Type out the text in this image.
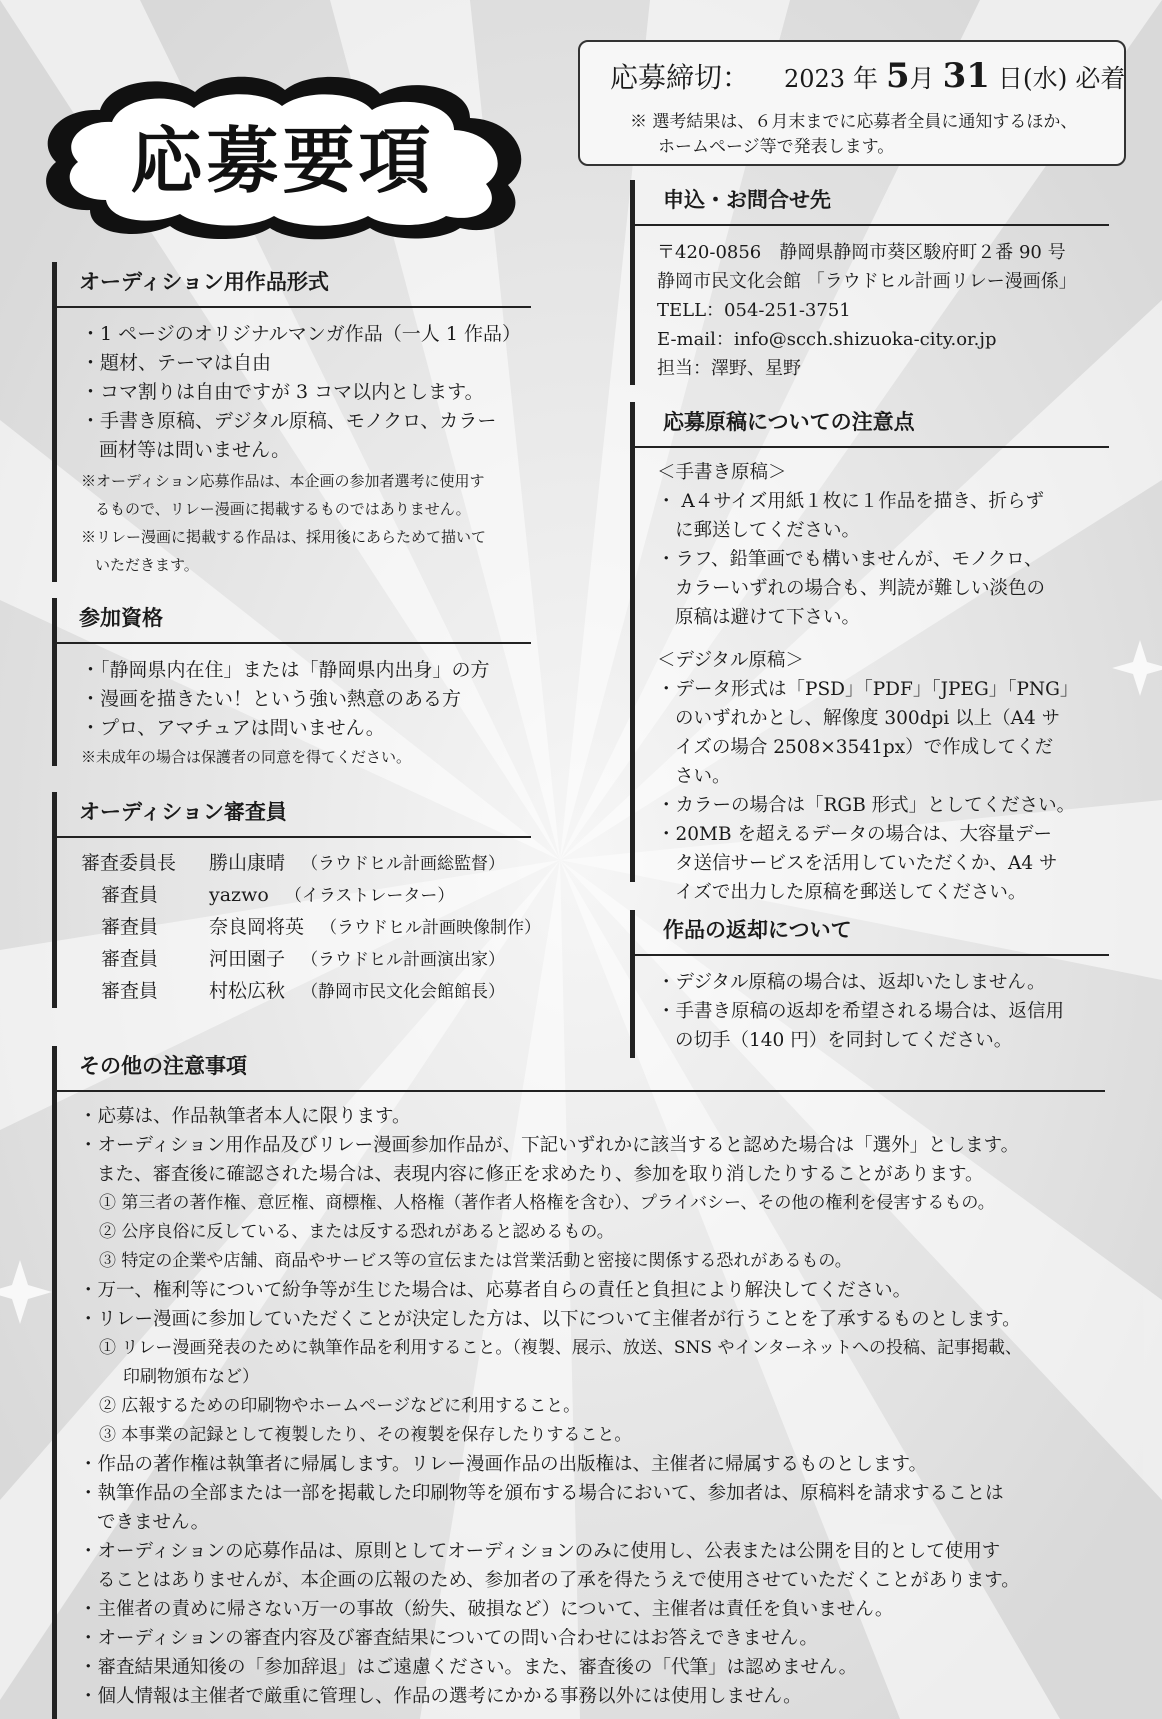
応募要項
応募締切： 2023 年 5月 31 日(水) 必着
※ 選考結果は、６月末までに応募者全員に通知するほか、
ホームページ等で発表します。
オーディション用作品形式
・1 ページのオリジナルマンガ作品（一人 1 作品）
・題材、テーマは自由
・コマ割りは自由ですが 3 コマ以内とします。
・手書き原稿、デジタル原稿、モノクロ、カラー
画材等は問いません。
※オーディション応募作品は、本企画の参加者選考に使用す
るもので、リレー漫画に掲載するものではありません。
※リレー漫画に掲載する作品は、採用後にあらためて描いて
いただきます。
参加資格
・「静岡県内在住」または「静岡県内出身」の方
・漫画を描きたい！という強い熱意のある方
・プロ、アマチュアは問いません。
※未成年の場合は保護者の同意を得てください。
オーディション審査員
審査委員長 勝山康晴 （ラウドヒル計画総監督）
審査員	yazwo （イラストレーター）
審査員	奈良岡将英 （ラウドヒル計画映像制作）
審査員	河田園子 （ラウドヒル計画演出家）
審査員	村松広秋 （静岡市民文化会館館長）
申込・お問合せ先
〒420-0856　静岡県静岡市葵区駿府町２番 90 号
静岡市民文化会館 「ラウドヒル計画リレー漫画係」
TELL：054-251-3751
E-mail：info@scch.shizuoka-city.or.jp
担当：澤野、星野
応募原稿についての注意点
＜手書き原稿＞
・ A４サイズ用紙１枚に１作品を描き、折らず
に郵送してください。
・ラフ、鉛筆画でも構いませんが、モノクロ、
カラーいずれの場合も、判読が難しい淡色の
原稿は避けて下さい。
＜デジタル原稿＞
・データ形式は「PSD」「PDF」「JPEG」「PNG」
のいずれかとし、解像度 300dpi 以上（A4 サ
イズの場合 2508×3541px）で作成してくだ
さい。
・カラーの場合は「RGB 形式」としてください。
・20MB を超えるデータの場合は、大容量デー
タ送信サービスを活用していただくか、A4 サ
イズで出力した原稿を郵送してください。
作品の返却について
・デジタル原稿の場合は、返却いたしません。
・手書き原稿の返却を希望される場合は、返信用
の切手（140 円）を同封してください。
その他の注意事項
・応募は、作品執筆者本人に限ります。
・オーディション用作品及びリレー漫画参加作品が、下記いずれかに該当すると認めた場合は「選外」とします。
また、審査後に確認された場合は、表現内容に修正を求めたり、参加を取り消したりすることがあります。
① 第三者の著作権、意匠権、商標権、人格権（著作者人格権を含む）、プライバシー、その他の権利を侵害するもの。
② 公序良俗に反している、または反する恐れがあると認めるもの。
③ 特定の企業や店舗、商品やサービス等の宣伝または営業活動と密接に関係する恐れがあるもの。
・万一、権利等について紛争等が生じた場合は、応募者自らの責任と負担により解決してください。
・リレー漫画に参加していただくことが決定した方は、以下について主催者が行うことを了承するものとします。
① リレー漫画発表のために執筆作品を利用すること。（複製、展示、放送、SNS やインターネットへの投稿、記事掲載、
印刷物頒布など）
② 広報するための印刷物やホームページなどに利用すること。
③ 本事業の記録として複製したり、その複製を保存したりすること。
・作品の著作権は執筆者に帰属します。リレー漫画作品の出版権は、主催者に帰属するものとします。
・執筆作品の全部または一部を掲載した印刷物等を頒布する場合において、参加者は、原稿料を請求することは
できません。
・オーディションの応募作品は、原則としてオーディションのみに使用し、公表または公開を目的として使用す
ることはありませんが、本企画の広報のため、参加者の了承を得たうえで使用させていただくことがあります。
・主催者の責めに帰さない万一の事故（紛失、破損など）について、主催者は責任を負いません。
・オーディションの審査内容及び審査結果についての問い合わせにはお答えできません。
・審査結果通知後の「参加辞退」はご遠慮ください。また、審査後の「代筆」は認めません。
・個人情報は主催者で厳重に管理し、作品の選考にかかる事務以外には使用しません。
